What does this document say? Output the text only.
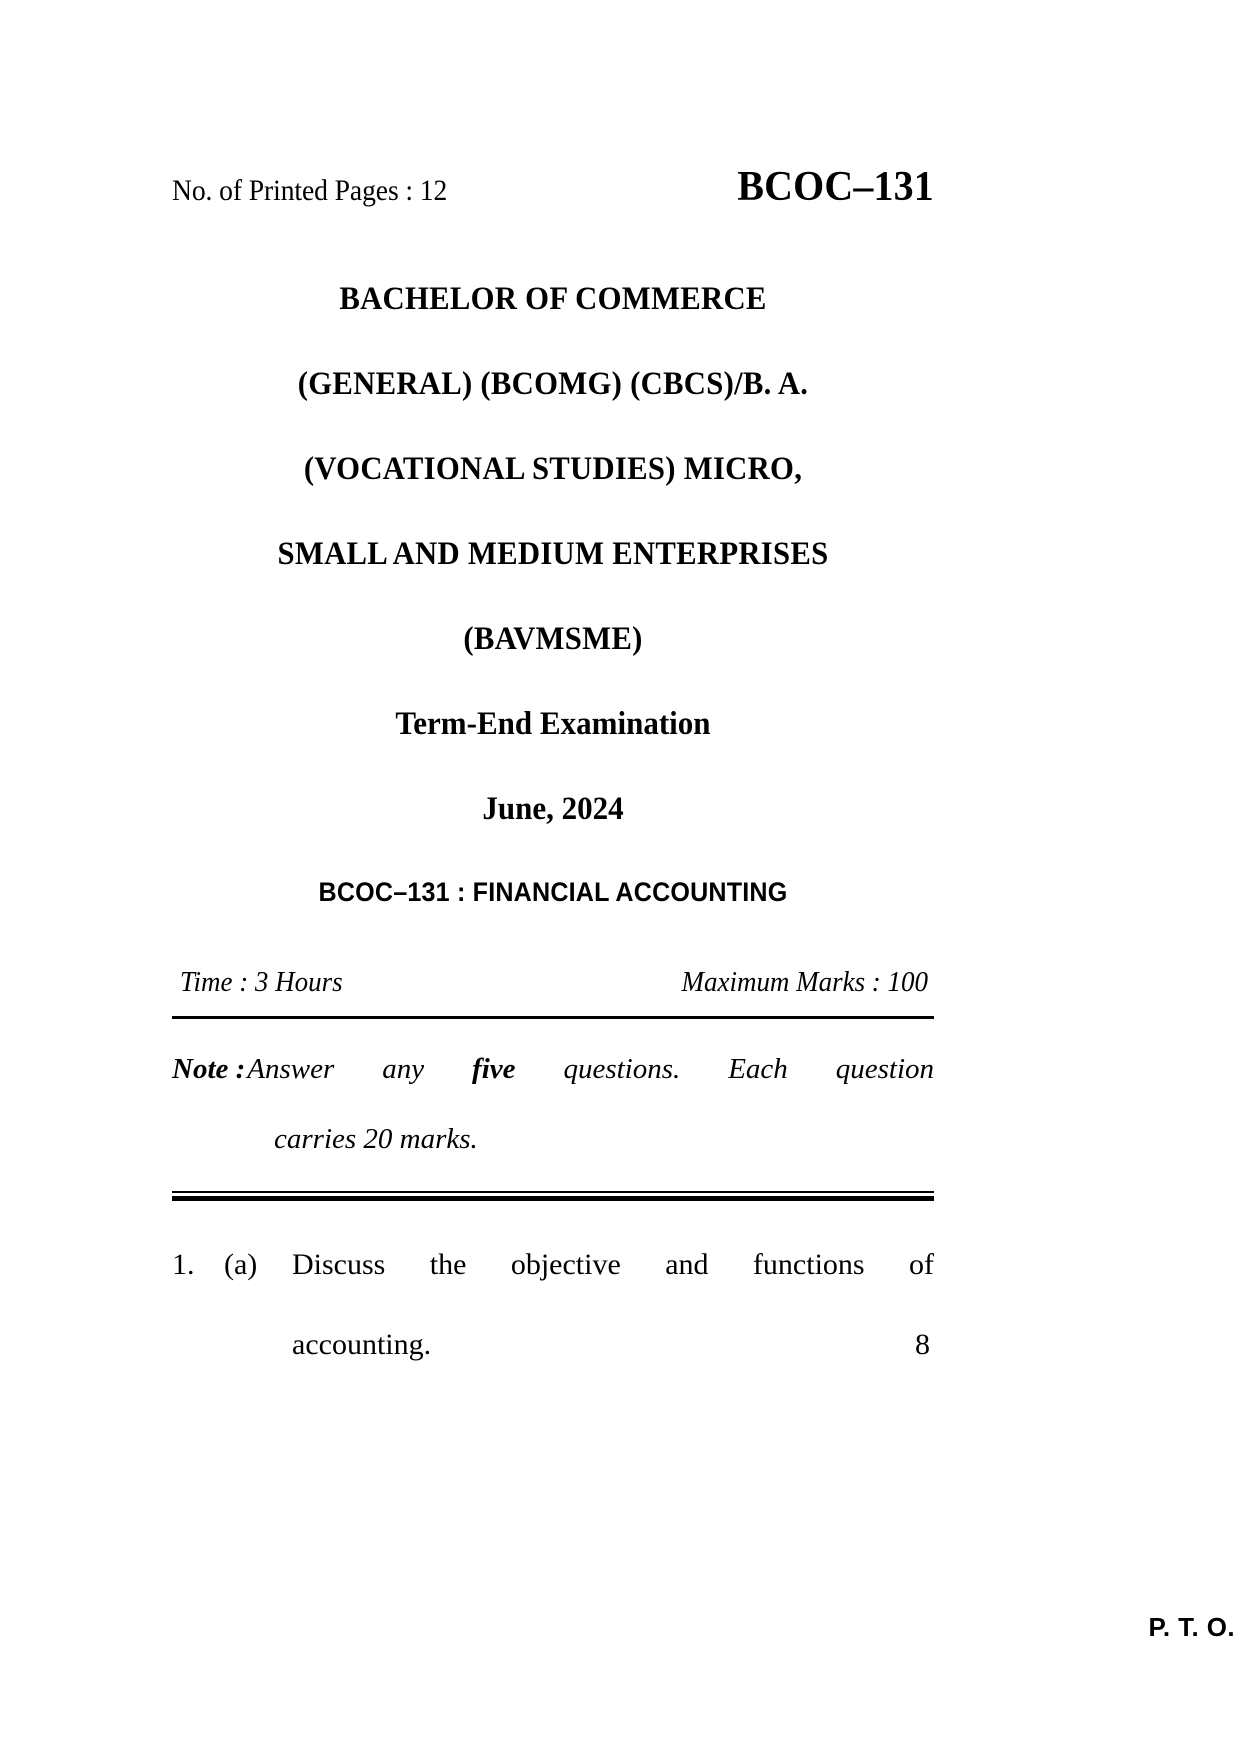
No. of Printed Pages : 12	BCOC–131
BACHELOR OF COMMERCE
(GENERAL) (BCOMG) (CBCS)/B. A.
(VOCATIONAL STUDIES) MICRO,
SMALL AND MEDIUM ENTERPRISES
(BAVMSME)
Term-End Examination
June, 2024
BCOC–131 : FINANCIAL ACCOUNTING
Time : 3 Hours	Maximum Marks : 100
Note : Answer any five questions. Each question
carries 20 marks.
1. (a)	Discuss the objective and functions of
accounting.	8
P. T. O.
